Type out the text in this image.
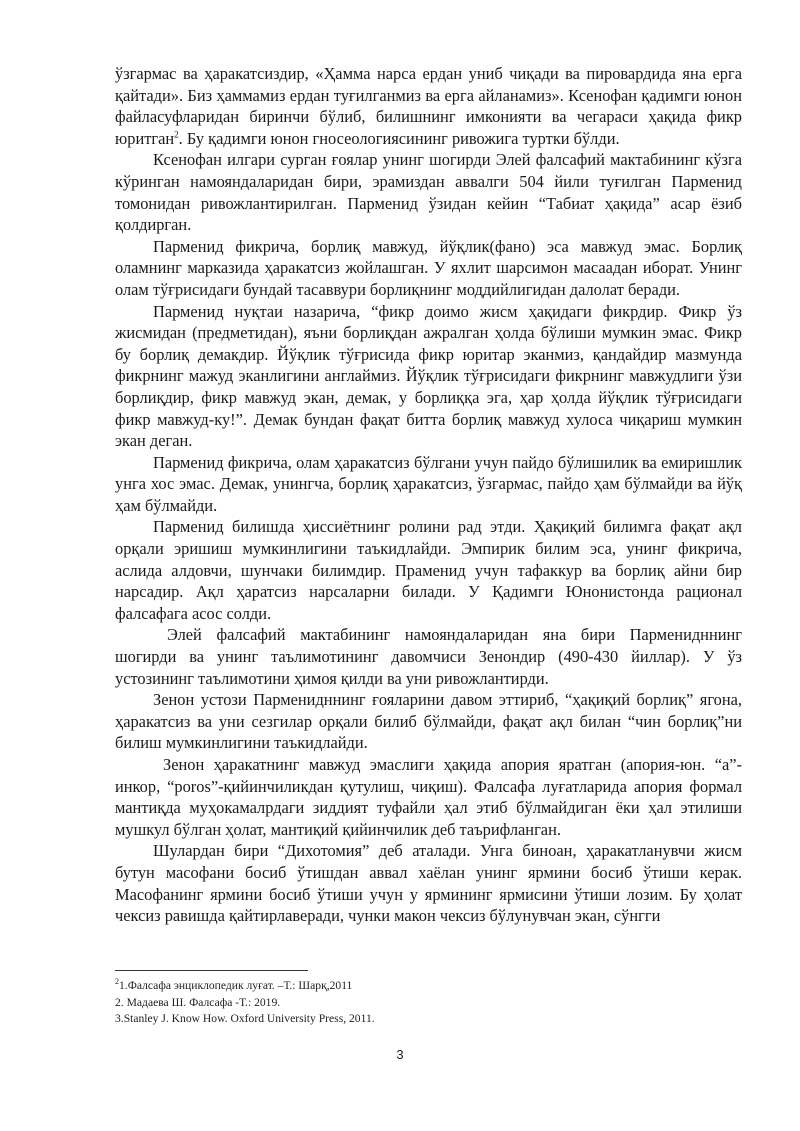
ўзгармас ва ҳаракатсиздир, «Ҳамма нарса ердан униб чиқади ва пировардида яна ерга қайтади». Биз ҳаммамиз ердан туғилганмиз ва ерга айланамиз». Ксенофан қадимги юнон файласуфларидан биринчи бўлиб, билишнинг имконияти ва чегараси ҳақида фикр юритган$^2$. Бу қадимги юнон гносеологиясининг ривожига туртки бўлди.

Ксенофан илгари сурган ғоялар унинг шогирди Элей фалсафий мактабининг кўзга кўринган намояндаларидан бири, эрамиздан аввалги 504 йили туғилган Парменид томонидан ривожлантирилган. Парменид ўзидан кейин “Табиат ҳақида” асар ёзиб қолдирган.

Парменид фикрича, борлиқ мавжуд, йўқлик(фано) эса мавжуд эмас. Борлиқ оламнинг марказида ҳаракатсиз жойлашган. У яхлит шарсимон масаадан иборат. Унинг олам тўғрисидаги бундай тасаввури борлиқнинг моддийлигидан далолат беради.

Парменид нуқтаи назарича, “фикр доимо жисм ҳақидаги фикрдир. Фикр ўз жисмидан (предметидан), яъни борлиқдан ажралган ҳолда бўлиши мумкин эмас. Фикр бу борлиқ демакдир. Йўқлик тўғрисида фикр юритар эканмиз, қандайдир мазмунда фикрнинг мажуд эканлигини англаймиз. Йўқлик тўғрисидаги фикрнинг мавжудлиги ўзи борлиқдир, фикр мавжуд экан, демак, у борлиққа эга, ҳар ҳолда йўқлик тўғрисидаги фикр мавжуд-ку!”. Демак бундан фақат битта борлиқ мавжуд хулоса чиқариш мумкин экан деган.

Парменид фикрича, олам ҳаракатсиз бўлгани учун пайдо бўлишилик ва емиришлик унга хос эмас. Демак, унингча, борлиқ ҳаракатсиз, ўзгармас, пайдо ҳам бўлмайди ва йўқ ҳам бўлмайди.

Парменид билишда ҳиссиётнинг ролини рад этди. Ҳақиқий билимга фақат ақл орқали эришиш мумкинлигини таъкидлайди. Эмпирик билим эса, унинг фикрича, аслида алдовчи, шунчаки билимдир. Праменид учун тафаккур ва борлиқ айни бир нарсадир. Ақл ҳаратсиз нарсаларни билади. У Қадимги Юнонистонда рационал фалсафага асос солди.

Элей фалсафий мактабининг намояндаларидан яна бири Парменидннинг шогирди ва унинг таълимотининг давомчиси Зенондир (490-430 йиллар). У ўз устозининг таълимотини ҳимоя қилди ва уни ривожлантирди.

Зенон устози Парменидннинг ғояларини давом эттириб, “ҳақиқий борлиқ” ягона, ҳаракатсиз ва уни сезгилар орқали билиб бўлмайди, фақат ақл билан “чин борлиқ”ни билиш мумкинлигини таъкидлайди.

Зенон ҳаракатнинг мавжуд эмаслиги ҳақида апория яратган (апория-юн. “а”-инкор, “poros”-қийинчиликдан қутулиш, чиқиш). Фалсафа луғатларида апория формал мантиқда муҳокамалрдаги зиддият туфайли ҳал этиб бўлмайдиган ёки ҳал этилиши мушкул бўлган ҳолат, мантиқий қийинчилик деб таърифланган.

Шулардан бири “Дихотомия” деб аталади. Унга биноан, ҳаракатланувчи жисм бутун масофани босиб ўтишдан аввал хаёлан унинг ярмини босиб ўтиши керак. Масофанинг ярмини босиб ўтиши учун у ярмининг ярмисини ўтиши лозим. Бу ҳолат чексиз равишда қайтирлаверади, чунки макон чексиз бўлунувчан экан, сўнгги

$^2$1.Фалсафа энциклопедик луғат. –Т.: Шарқ,2011
2. Мадаева Ш. Фалсафа -Т.: 2019.
3.Stanley J. Know How. Oxford University Press, 2011.
3
